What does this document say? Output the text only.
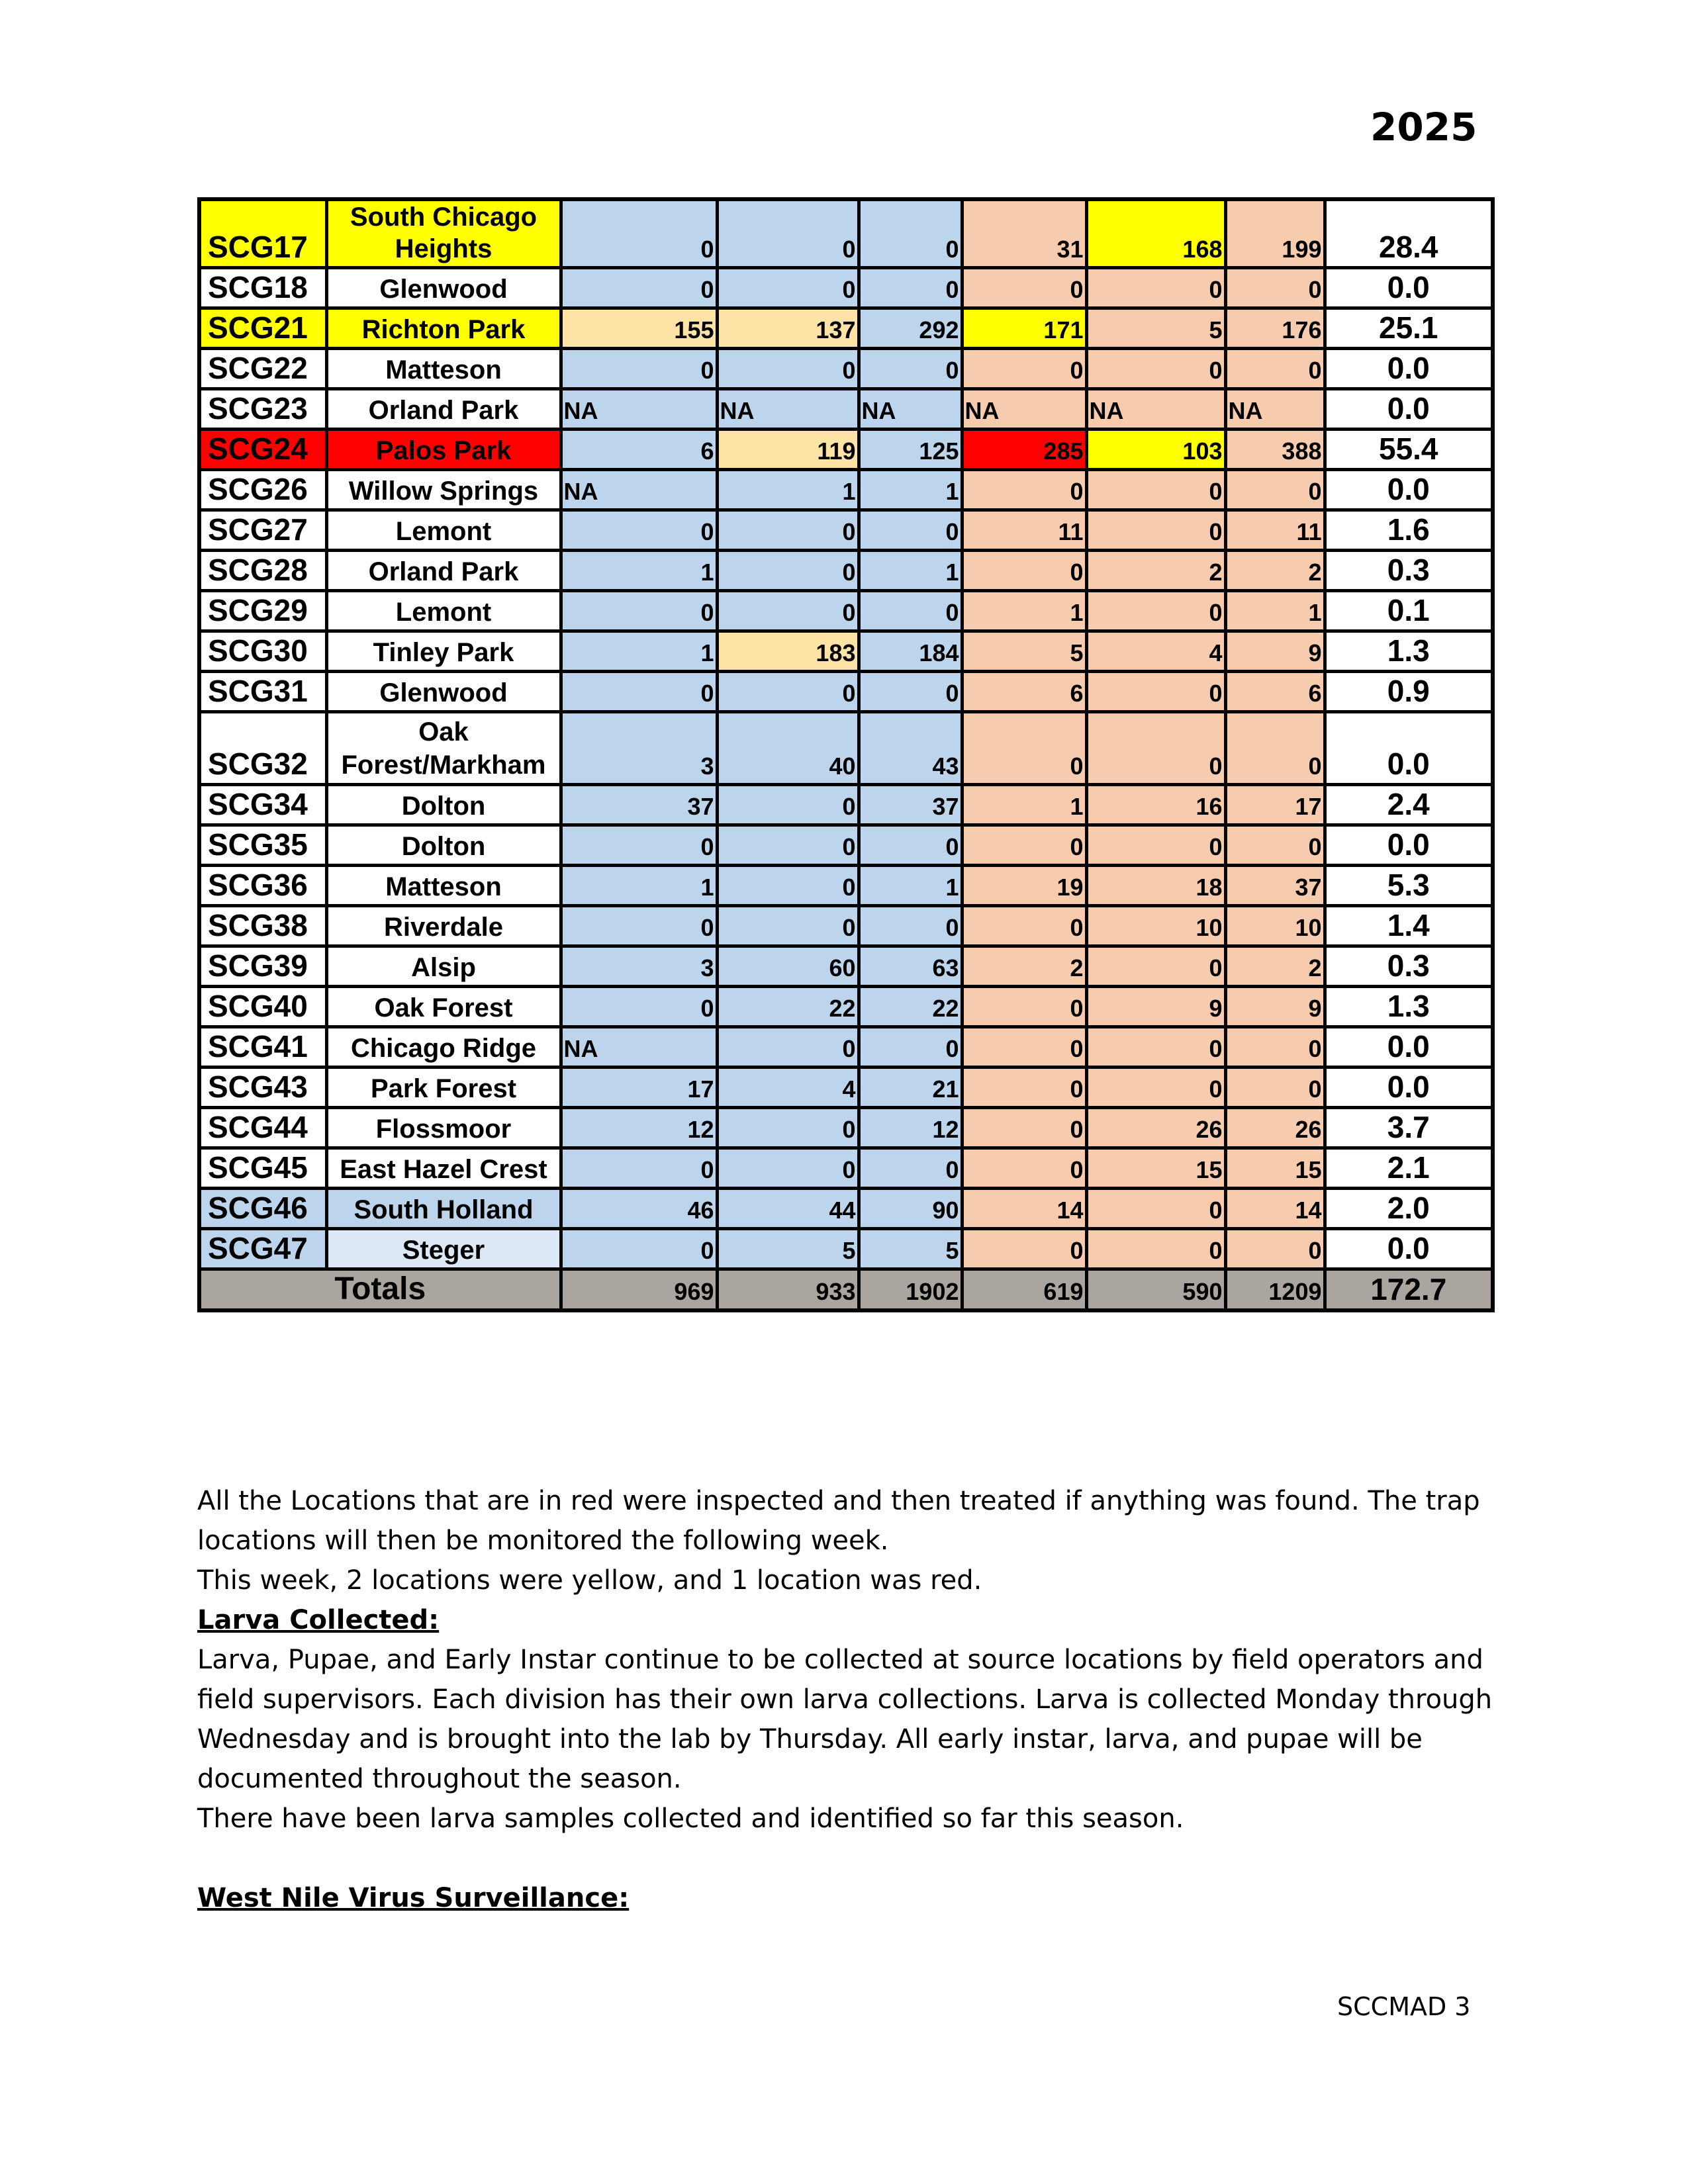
2025
SCG17	South Chicago Heights	0	0	0	31	168	199	28.4
SCG18	Glenwood	0	0	0	0	0	0	0.0
SCG21	Richton Park	155	137	292	171	5	176	25.1
SCG22	Matteson	0	0	0	0	0	0	0.0
SCG23	Orland Park	NA	NA	NA	NA	NA	NA	0.0
SCG24	Palos Park	6	119	125	285	103	388	55.4
SCG26	Willow Springs	NA	1	1	0	0	0	0.0
SCG27	Lemont	0	0	0	11	0	11	1.6
SCG28	Orland Park	1	0	1	0	2	2	0.3
SCG29	Lemont	0	0	0	1	0	1	0.1
SCG30	Tinley Park	1	183	184	5	4	9	1.3
SCG31	Glenwood	0	0	0	6	0	6	0.9
SCG32	Oak Forest/Markham	3	40	43	0	0	0	0.0
SCG34	Dolton	37	0	37	1	16	17	2.4
SCG35	Dolton	0	0	0	0	0	0	0.0
SCG36	Matteson	1	0	1	19	18	37	5.3
SCG38	Riverdale	0	0	0	0	10	10	1.4
SCG39	Alsip	3	60	63	2	0	2	0.3
SCG40	Oak Forest	0	22	22	0	9	9	1.3
SCG41	Chicago Ridge	NA	0	0	0	0	0	0.0
SCG43	Park Forest	17	4	21	0	0	0	0.0
SCG44	Flossmoor	12	0	12	0	26	26	3.7
SCG45	East Hazel Crest	0	0	0	0	15	15	2.1
SCG46	South Holland	46	44	90	14	0	14	2.0
SCG47	Steger	0	5	5	0	0	0	0.0
Totals		969	933	1902	619	590	1209	172.7

All the Locations that are in red were inspected and then treated if anything was found. The trap locations will then be monitored the following week.

This week, 2 locations were yellow, and 1 location was red.

Larva Collected:

Larva, Pupae, and Early Instar continue to be collected at source locations by field operators and field supervisors. Each division has their own larva collections. Larva is collected Monday through Wednesday and is brought into the lab by Thursday. All early instar, larva, and pupae will be documented throughout the season.

There have been larva samples collected and identified so far this season.

West Nile Virus Surveillance:

SCCMAD 3
